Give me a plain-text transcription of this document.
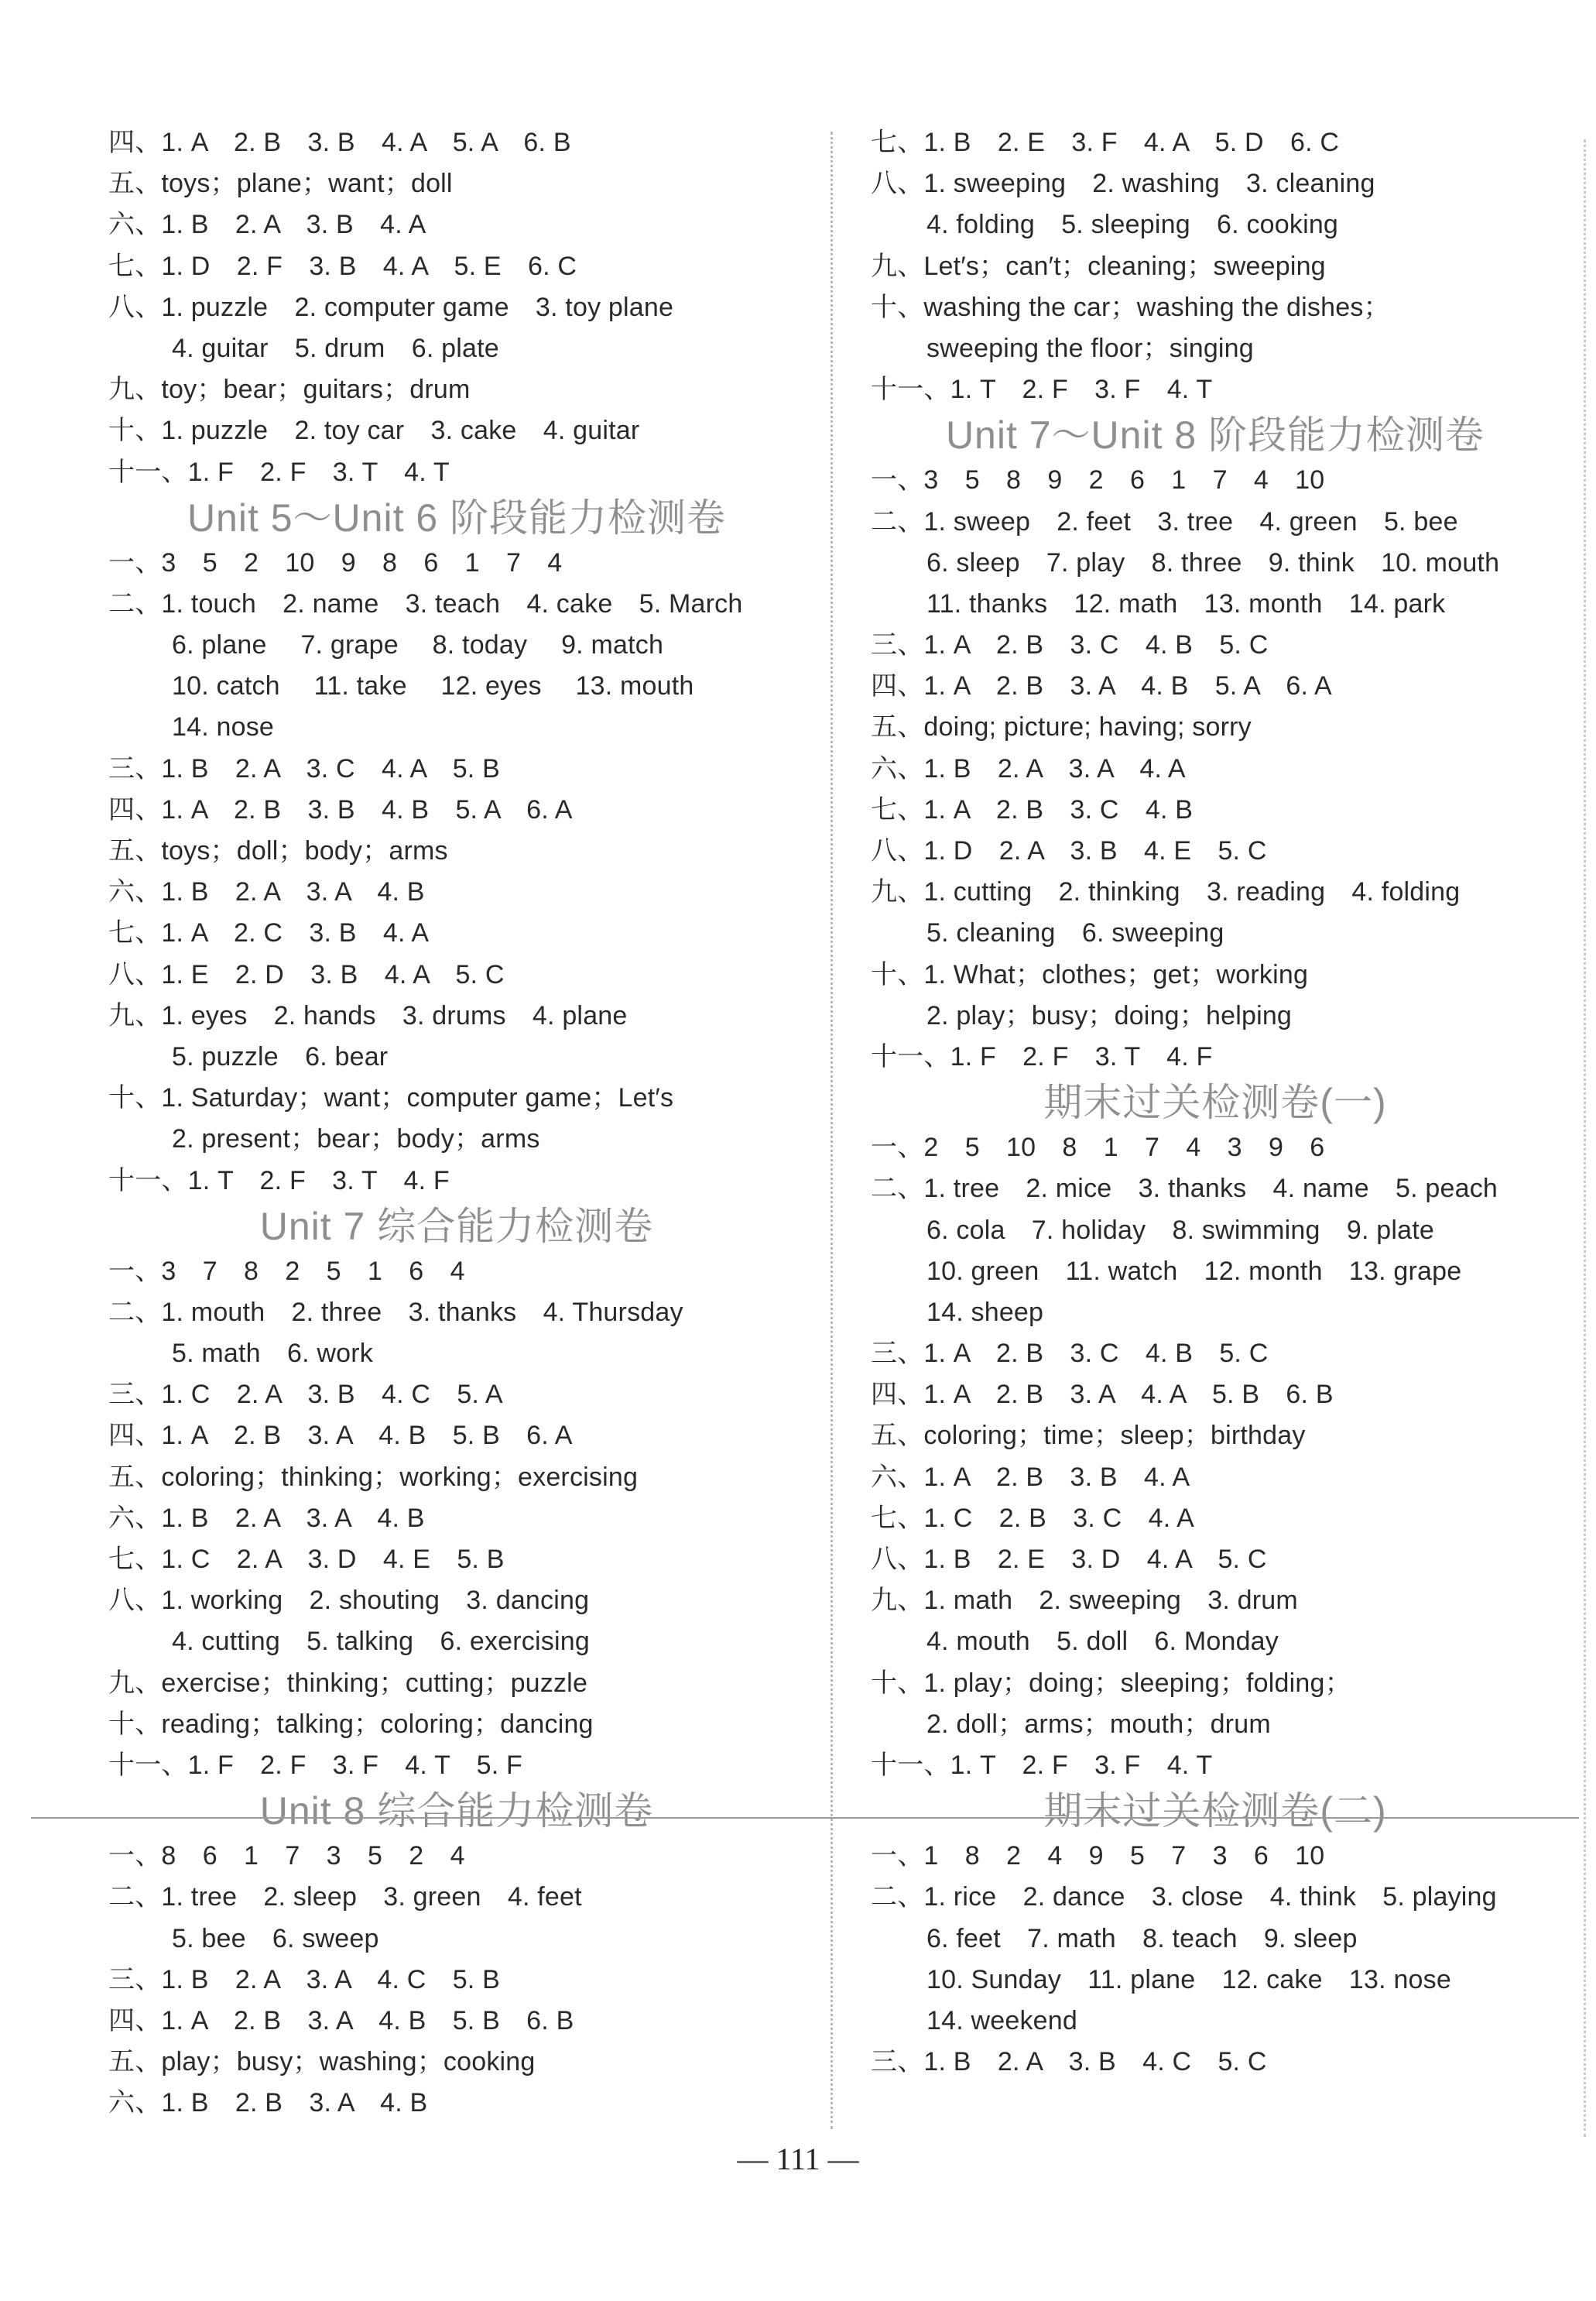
四、1. A　2. B　3. B　4. A　5. A　6. B
五、toys；plane；want；doll
六、1. B　2. A　3. B　4. A
七、1. D　2. F　3. B　4. A　5. E　6. C
八、1. puzzle　2. computer game　3. toy plane
4. guitar　5. drum　6. plate
九、toy；bear；guitars；drum
十、1. puzzle　2. toy car　3. cake　4. guitar
十一、1. F　2. F　3. T　4. T
Unit 5～Unit 6 阶段能力检测卷
一、3　5　2　10　9　8　6　1　7　4
二、1. touch　2. name　3. teach　4. cake　5. March
6. plane　 7. grape　 8. today　 9. match
10. catch　 11. take　 12. eyes　 13. mouth
14. nose
三、1. B　2. A　3. C　4. A　5. B
四、1. A　2. B　3. B　4. B　5. A　6. A
五、toys；doll；body；arms
六、1. B　2. A　3. A　4. B
七、1. A　2. C　3. B　4. A
八、1. E　2. D　3. B　4. A　5. C
九、1. eyes　2. hands　3. drums　4. plane
5. puzzle　6. bear
十、1. Saturday；want；computer game；Let′s
2. present；bear；body；arms
十一、1. T　2. F　3. T　4. F
Unit 7 综合能力检测卷
一、3　7　8　2　5　1　6　4
二、1. mouth　2. three　3. thanks　4. Thursday
5. math　6. work
三、1. C　2. A　3. B　4. C　5. A
四、1. A　2. B　3. A　4. B　5. B　6. A
五、coloring；thinking；working；exercising
六、1. B　2. A　3. A　4. B
七、1. C　2. A　3. D　4. E　5. B
八、1. working　2. shouting　3. dancing
4. cutting　5. talking　6. exercising
九、exercise；thinking；cutting；puzzle
十、reading；talking；coloring；dancing
十一、1. F　2. F　3. F　4. T　5. F
Unit 8 综合能力检测卷
一、8　6　1　7　3　5　2　4
二、1. tree　2. sleep　3. green　4. feet
5. bee　6. sweep
三、1. B　2. A　3. A　4. C　5. B
四、1. A　2. B　3. A　4. B　5. B　6. B
五、play；busy；washing；cooking
六、1. B　2. B　3. A　4. B
七、1. B　2. E　3. F　4. A　5. D　6. C
八、1. sweeping　2. washing　3. cleaning
4. folding　5. sleeping　6. cooking
九、Let′s；can′t；cleaning；sweeping
十、washing the car；washing the dishes；
sweeping the floor；singing
十一、1. T　2. F　3. F　4. T
Unit 7～Unit 8 阶段能力检测卷
一、3　5　8　9　2　6　1　7　4　10
二、1. sweep　2. feet　3. tree　4. green　5. bee
6. sleep　7. play　8. three　9. think　10. mouth
11. thanks　12. math　13. month　14. park
三、1. A　2. B　3. C　4. B　5. C
四、1. A　2. B　3. A　4. B　5. A　6. A
五、doing; picture; having; sorry
六、1. B　2. A　3. A　4. A
七、1. A　2. B　3. C　4. B
八、1. D　2. A　3. B　4. E　5. C
九、1. cutting　2. thinking　3. reading　4. folding
5. cleaning　6. sweeping
十、1. What；clothes；get；working
2. play；busy；doing；helping
十一、1. F　2. F　3. T　4. F
期末过关检测卷(一)
一、2　5　10　8　1　7　4　3　9　6
二、1. tree　2. mice　3. thanks　4. name　5. peach
6. cola　7. holiday　8. swimming　9. plate
10. green　11. watch　12. month　13. grape
14. sheep
三、1. A　2. B　3. C　4. B　5. C
四、1. A　2. B　3. A　4. A　5. B　6. B
五、coloring；time；sleep；birthday
六、1. A　2. B　3. B　4. A
七、1. C　2. B　3. C　4. A
八、1. B　2. E　3. D　4. A　5. C
九、1. math　2. sweeping　3. drum
4. mouth　5. doll　6. Monday
十、1. play；doing；sleeping；folding；
2. doll；arms；mouth；drum
十一、1. T　2. F　3. F　4. T
期末过关检测卷(二)
一、1　8　2　4　9　5　7　3　6　10
二、1. rice　2. dance　3. close　4. think　5. playing
6. feet　7. math　8. teach　9. sleep
10. Sunday　11. plane　12. cake　13. nose
14. weekend
三、1. B　2. A　3. B　4. C　5. C
— 111 —
